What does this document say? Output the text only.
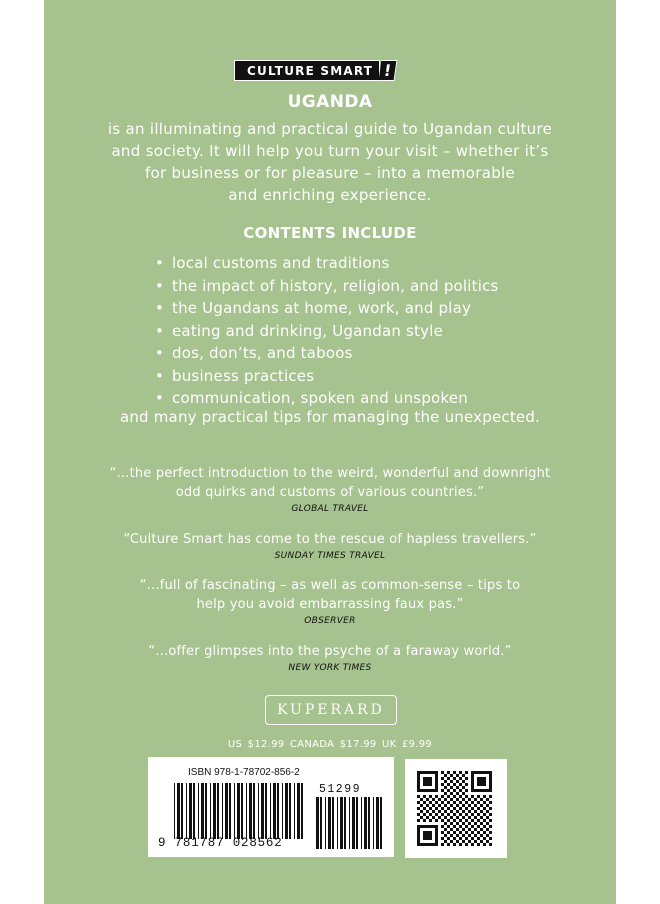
CULTURE SMART !
UGANDA
is an illuminating and practical guide to Ugandan culture
and society. It will help you turn your visit – whether it’s
for business or for pleasure – into a memorable
and enriching experience.
CONTENTS INCLUDE
• local customs and traditions
• the impact of history, religion, and politics
• the Ugandans at home, work, and play
• eating and drinking, Ugandan style
• dos, don’ts, and taboos
• business practices
• communication, spoken and unspoken
and many practical tips for managing the unexpected.
“...the perfect introduction to the weird, wonderful and downright
odd quirks and customs of various countries.”
GLOBAL TRAVEL
“Culture Smart has come to the rescue of hapless travellers.”
SUNDAY TIMES TRAVEL
“...full of fascinating – as well as common-sense – tips to
help you avoid embarrassing faux pas.”
OBSERVER
“...offer glimpses into the psyche of a faraway world.”
NEW YORK TIMES
KUPERARD
US $12.99 CANADA $17.99 UK £9.99
ISBN 978-1-78702-856-2
51299
9 781787 028562
